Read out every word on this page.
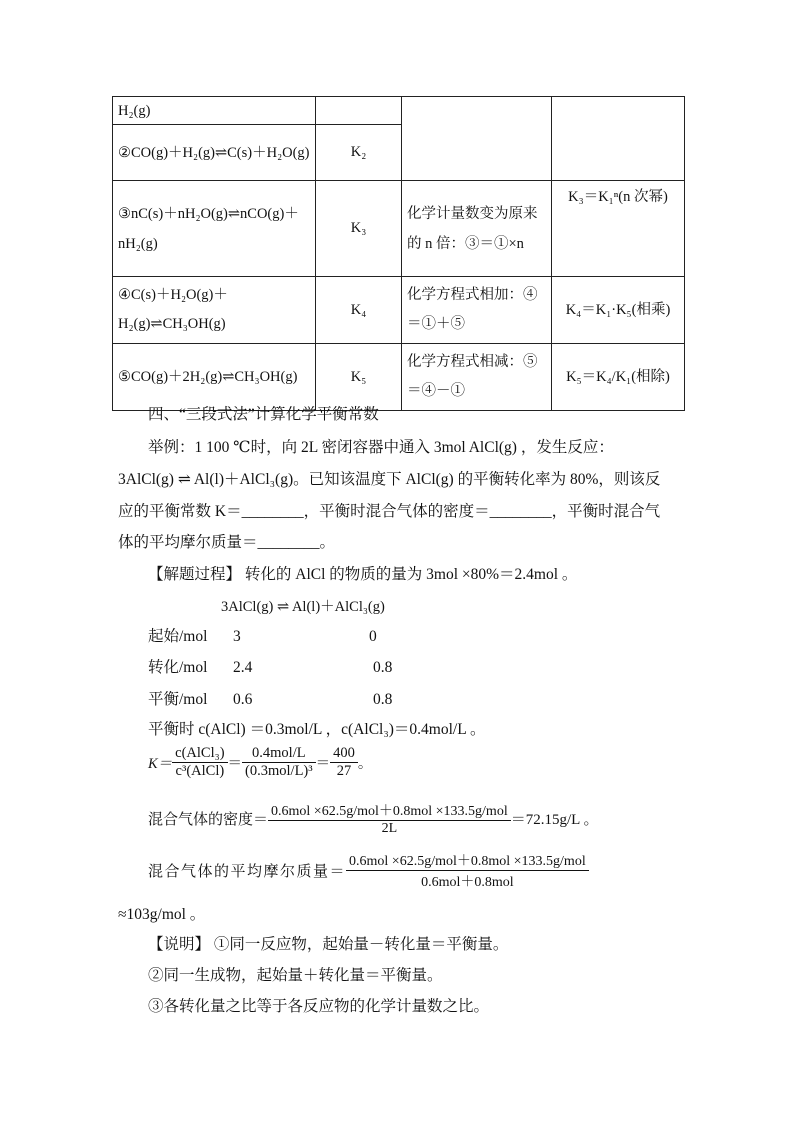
H₂(g)			
②CO(g)＋H₂(g)⇌C(s)＋H₂O(g)	K₂		
③nC(s)＋nH₂O(g)⇌nCO(g)＋nH₂(g)	K₃	化学计量数变为原来的 n 倍：③＝①×n	K₃＝K₁ⁿ(n 次幂)
④C(s)＋H₂O(g)＋H₂(g)⇌CH₃OH(g)	K₄	化学方程式相加：④＝①＋⑤	K₄＝K₁·K₅(相乘)
⑤CO(g)＋2H₂(g)⇌CH₃OH(g)	K₅	化学方程式相减：⑤＝④－①	K₅＝K₄/K₁(相除)
四、“三段式法”计算化学平衡常数
举例：1 100 ℃时，向 2L 密闭容器中通入 3mol AlCl(g) ，发生反应：
3AlCl(g) ⇌ Al(l)＋AlCl₃(g)。已知该温度下 AlCl(g) 的平衡转化率为 80%，则该反
应的平衡常数 K＝________，平衡时混合气体的密度＝________，平衡时混合气
体的平均摩尔质量＝________。
【解题过程】 转化的 AlCl 的物质的量为 3mol ×80%＝2.4mol 。
3AlCl(g) ⇌ Al(l)＋AlCl₃(g)
起始/mol 3	0
转化/mol 2.4	0.8
平衡/mol 0.6	0.8
平衡时 c(AlCl) ＝0.3mol/L ，c(AlCl₃)＝0.4mol/L 。
$K= \frac{\text{c(AlCl₃)}}{\text{c³(AlCl)}} = \frac{\text{0.4mol/L}}{\text{(0.3mol/L)³}} = \frac{400}{27}$ 。
混合气体的密度＝ $\frac{\text{0.6mol ×62.5g/mol＋0.8mol ×133.5g/mol}}{2L} =72.15g/L$ 。
混合气体的平均摩尔质量＝ $\frac{\text{0.6mol ×62.5g/mol＋0.8mol ×133.5g/mol}}{\text{0.6mol＋0.8mol}}$
≈103g/mol 。
【说明】 ①同一反应物，起始量－转化量＝平衡量。
②同一生成物，起始量＋转化量＝平衡量。
③各转化量之比等于各反应物的化学计量数之比。
